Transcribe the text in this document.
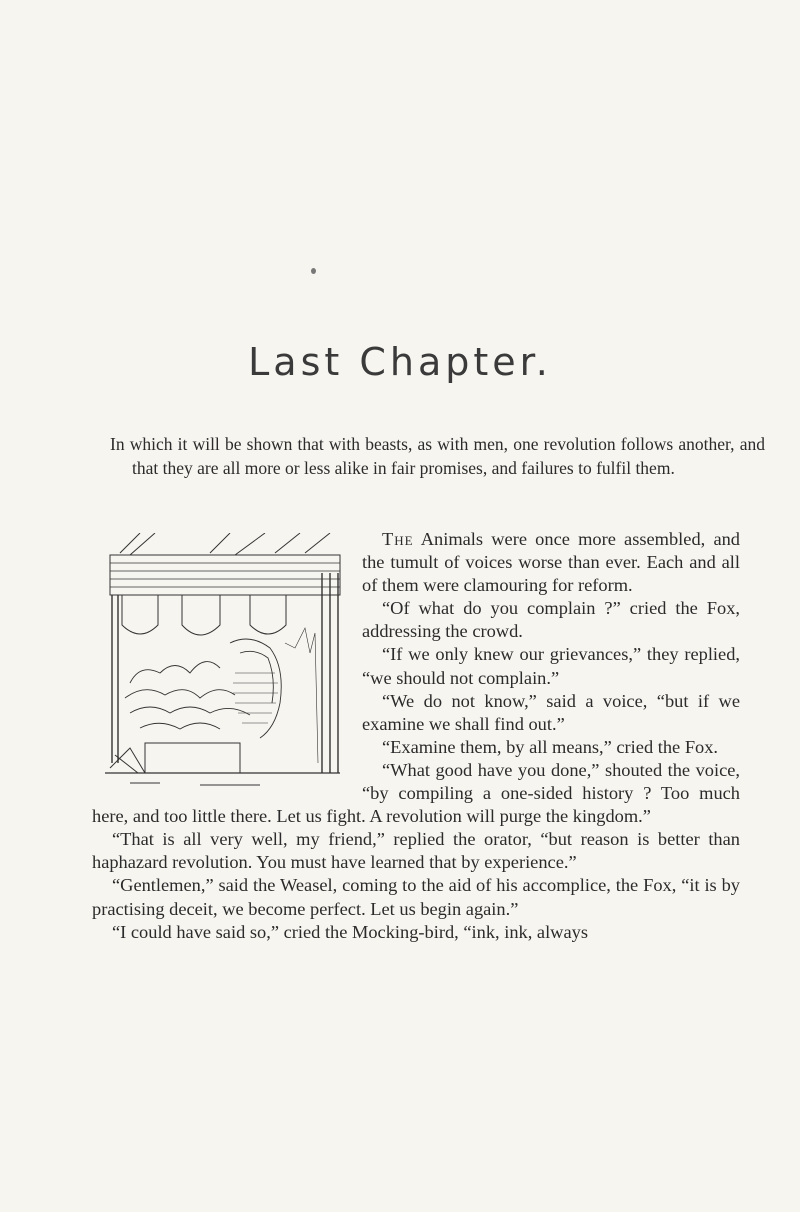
Last Chapter.

In which it will be shown that with beasts, as with men, one revolution follows another, and that they are all more or less alike in fair promises, and failures to fulfil them.

The Animals were once more assembled, and the tumult of voices worse than ever. Each and all of them were clamouring for reform.

“Of what do you complain ?” cried the Fox, addressing the crowd.

“If we only knew our grievances,” they replied, “we should not complain.”

“We do not know,” said a voice, “but if we examine we shall find out.”

“Examine them, by all means,” cried the Fox.

“What good have you done,” shouted the voice, “by compiling a one-sided history ? Too much here, and too little there. Let us fight. A revolution will purge the kingdom.”

“That is all very well, my friend,” replied the orator, “but reason is better than haphazard revolution. You must have learned that by experience.”

“Gentlemen,” said the Weasel, coming to the aid of his accomplice, the Fox, “it is by practising deceit, we become perfect. Let us begin again.”

“I could have said so,” cried the Mocking-bird, “ink, ink, always
